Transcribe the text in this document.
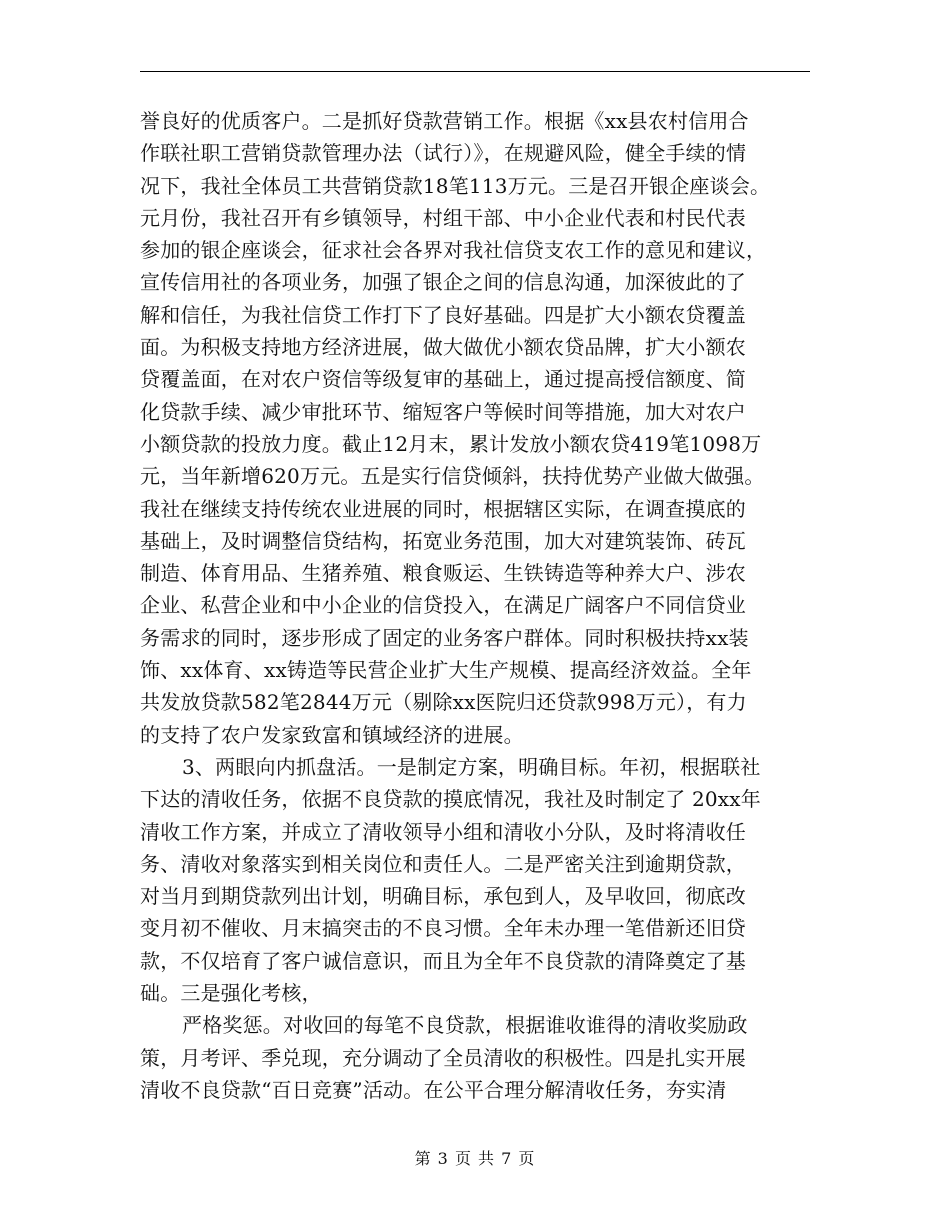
誉良好的优质客户。二是抓好贷款营销工作。根据《xx县农村信用合
作联社职工营销贷款管理办法（试行）》，在规避风险，健全手续的情
况下，我社全体员工共营销贷款18笔113万元。三是召开银企座谈会。
元月份，我社召开有乡镇领导，村组干部、中小企业代表和村民代表
参加的银企座谈会，征求社会各界对我社信贷支农工作的意见和建议，
宣传信用社的各项业务，加强了银企之间的信息沟通，加深彼此的了
解和信任，为我社信贷工作打下了良好基础。四是扩大小额农贷覆盖
面。为积极支持地方经济进展，做大做优小额农贷品牌，扩大小额农
贷覆盖面，在对农户资信等级复审的基础上，通过提高授信额度、简
化贷款手续、减少审批环节、缩短客户等候时间等措施，加大对农户
小额贷款的投放力度。截止12月末，累计发放小额农贷419笔1098万
元，当年新增620万元。五是实行信贷倾斜，扶持优势产业做大做强。
我社在继续支持传统农业进展的同时，根据辖区实际，在调查摸底的
基础上，及时调整信贷结构，拓宽业务范围，加大对建筑装饰、砖瓦
制造、体育用品、生猪养殖、粮食贩运、生铁铸造等种养大户、涉农
企业、私营企业和中小企业的信贷投入，在满足广阔客户不同信贷业
务需求的同时，逐步形成了固定的业务客户群体。同时积极扶持xx装
饰、xx体育、xx铸造等民营企业扩大生产规模、提高经济效益。全年
共发放贷款582笔2844万元（剔除xx医院归还贷款998万元），有力
的支持了农户发家致富和镇域经济的进展。
3、两眼向内抓盘活。一是制定方案，明确目标。年初，根据联社
下达的清收任务，依据不良贷款的摸底情况，我社及时制定了 20xx年
清收工作方案，并成立了清收领导小组和清收小分队，及时将清收任
务、清收对象落实到相关岗位和责任人。二是严密关注到逾期贷款，
对当月到期贷款列出计划，明确目标，承包到人，及早收回，彻底改
变月初不催收、月末搞突击的不良习惯。全年未办理一笔借新还旧贷
款，不仅培育了客户诚信意识，而且为全年不良贷款的清降奠定了基
础。三是强化考核，
严格奖惩。对收回的每笔不良贷款，根据谁收谁得的清收奖励政
策，月考评、季兑现，充分调动了全员清收的积极性。四是扎实开展
清收不良贷款“百日竞赛”活动。在公平合理分解清收任务，夯实清
第 3 页 共 7 页
